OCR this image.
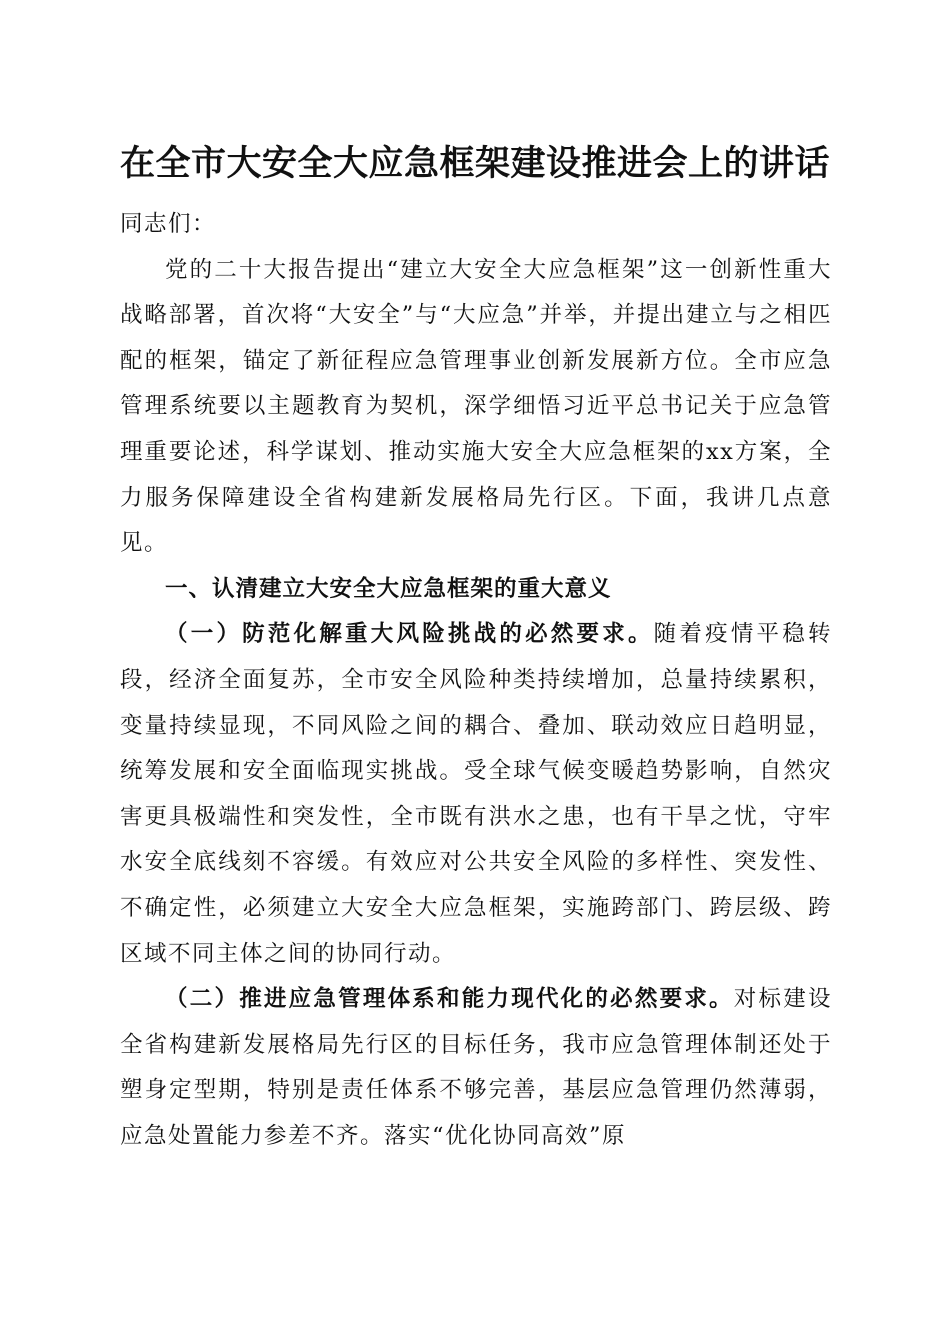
在全市大安全大应急框架建设推进会上的讲话

同志们：

党的二十大报告提出“建立大安全大应急框架”这一创新性重大战略部署，首次将“大安全”与“大应急”并举，并提出建立与之相匹配的框架，锚定了新征程应急管理事业创新发展新方位。全市应急管理系统要以主题教育为契机，深学细悟习近平总书记关于应急管理重要论述，科学谋划、推动实施大安全大应急框架的xx方案，全力服务保障建设全省构建新发展格局先行区。下面，我讲几点意见。

一、认清建立大安全大应急框架的重大意义

（一）防范化解重大风险挑战的必然要求。随着疫情平稳转段，经济全面复苏，全市安全风险种类持续增加，总量持续累积，变量持续显现，不同风险之间的耦合、叠加、联动效应日趋明显，统筹发展和安全面临现实挑战。受全球气候变暖趋势影响，自然灾害更具极端性和突发性，全市既有洪水之患，也有干旱之忧，守牢水安全底线刻不容缓。有效应对公共安全风险的多样性、突发性、不确定性，必须建立大安全大应急框架，实施跨部门、跨层级、跨区域不同主体之间的协同行动。

（二）推进应急管理体系和能力现代化的必然要求。对标建设全省构建新发展格局先行区的目标任务，我市应急管理体制还处于塑身定型期，特别是责任体系不够完善，基层应急管理仍然薄弱，应急处置能力参差不齐。落实“优化协同高效”原
